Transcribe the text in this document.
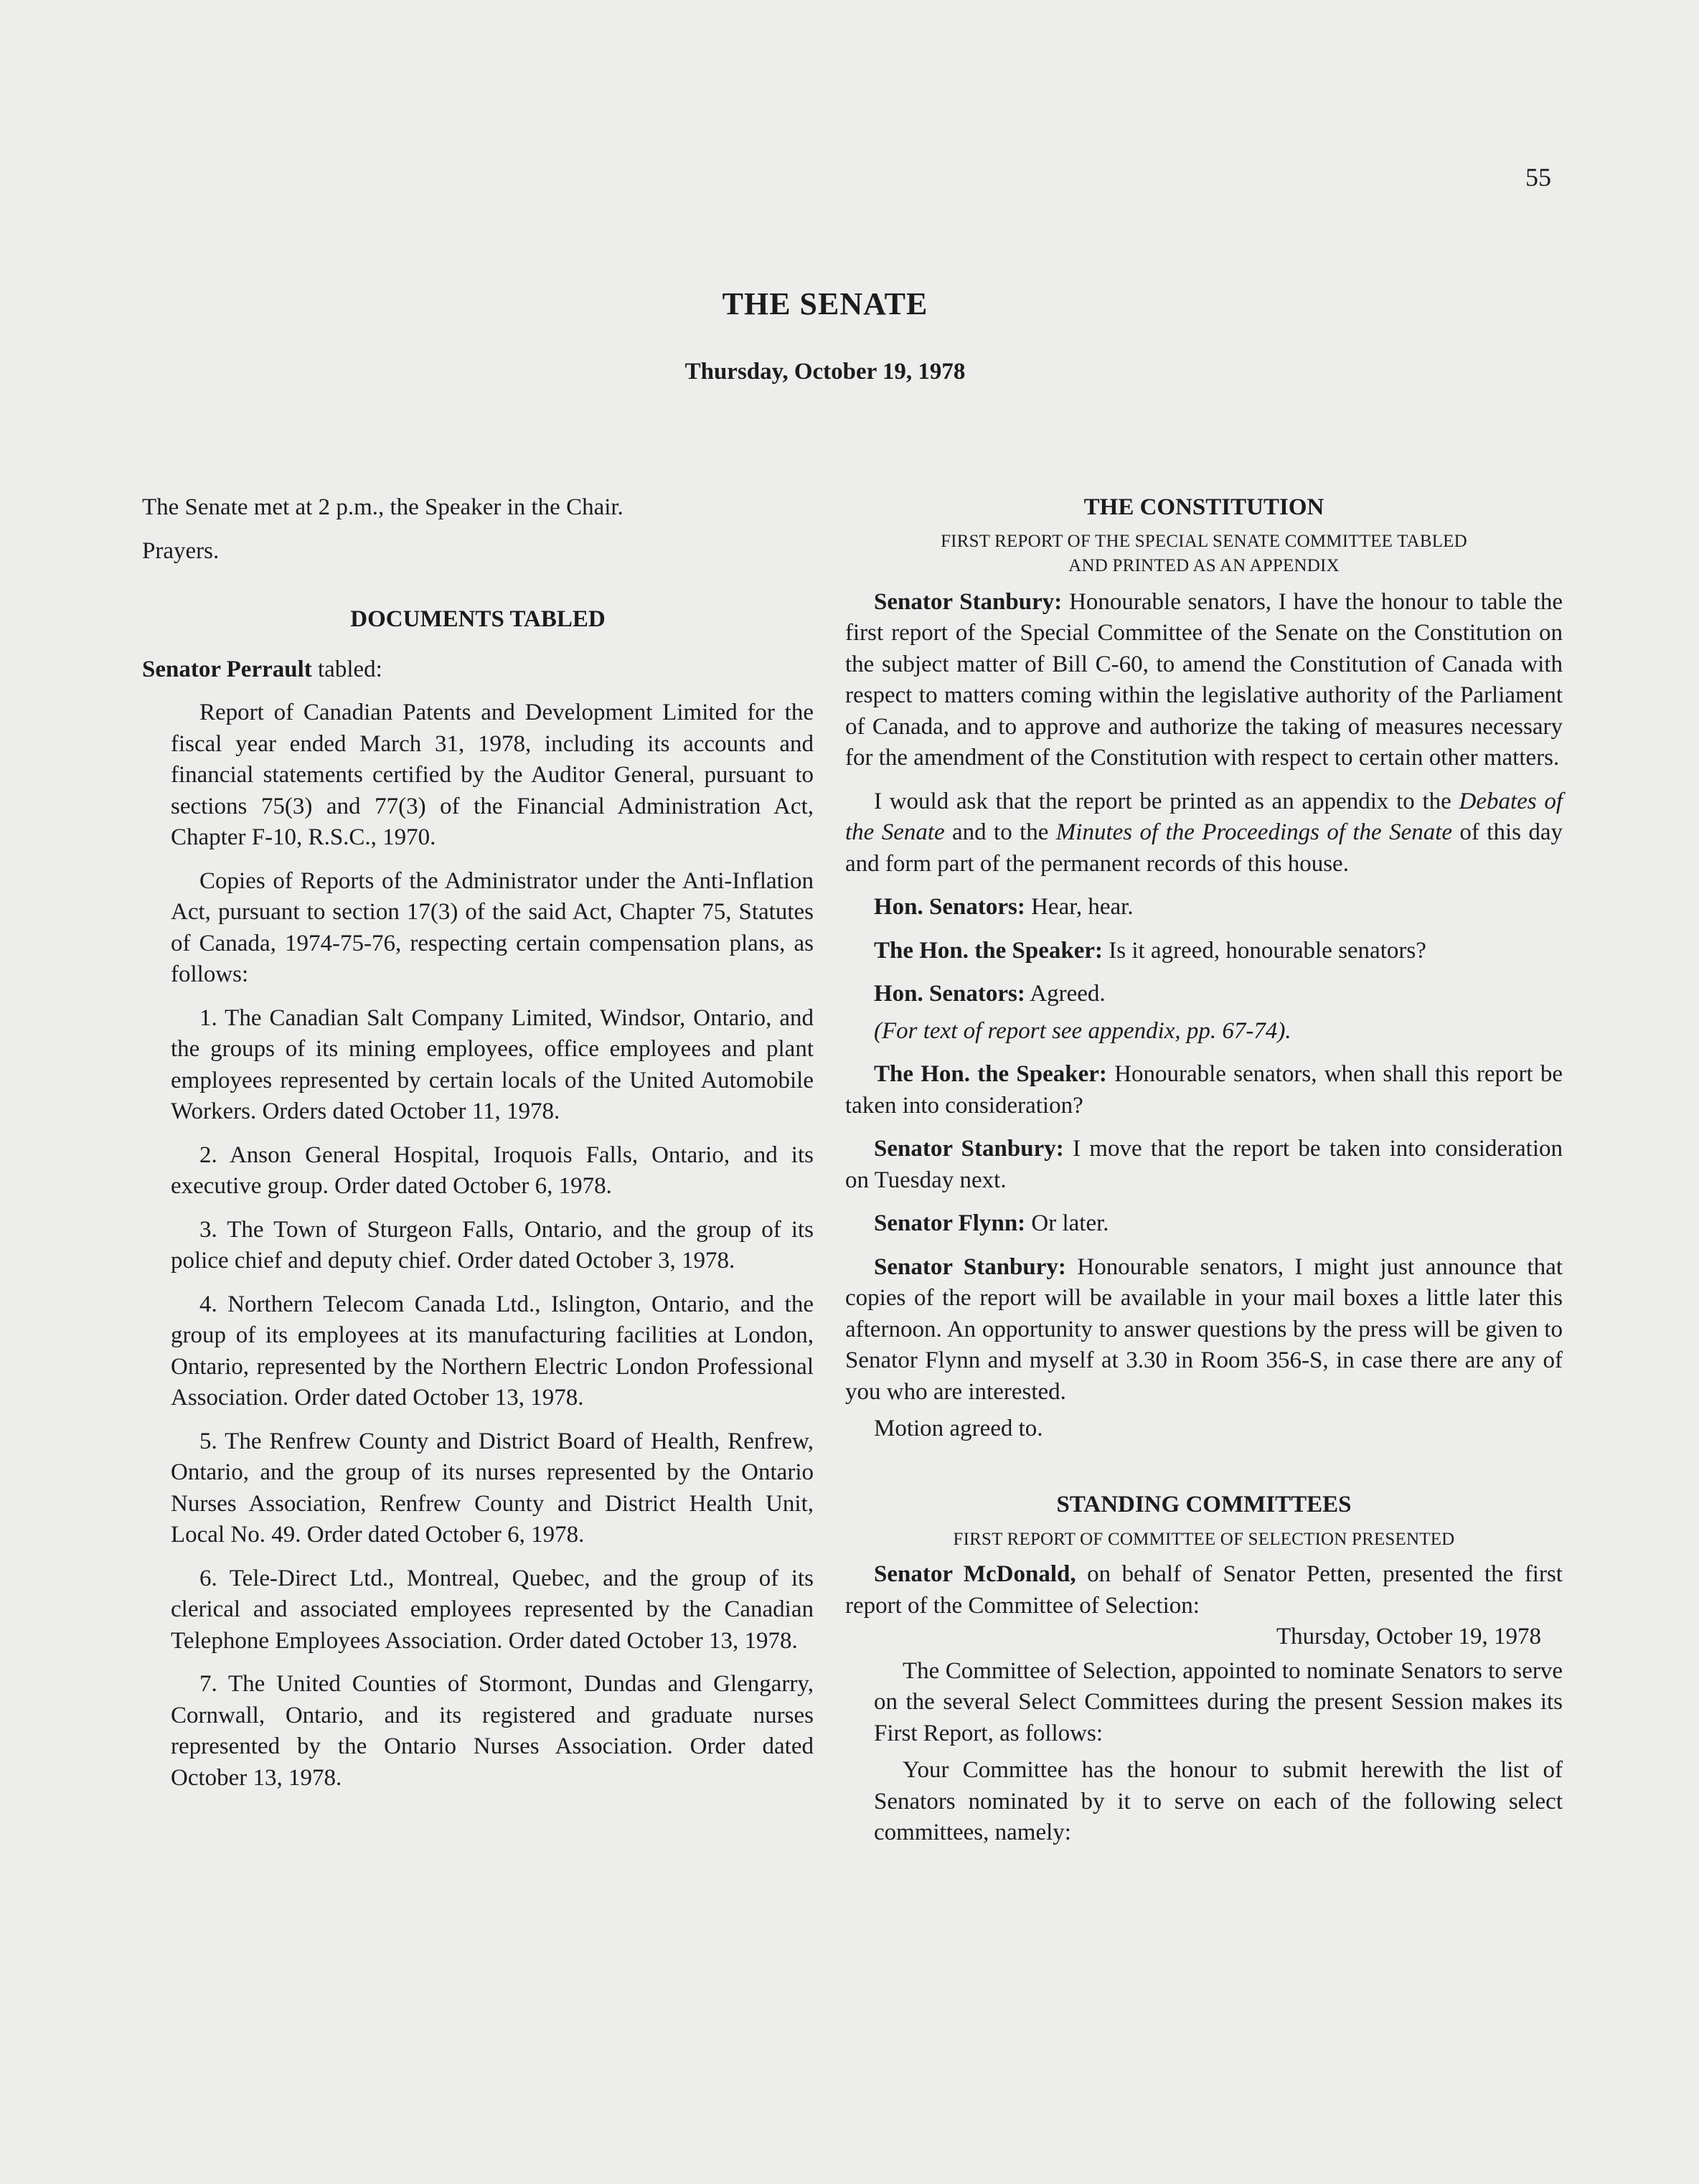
55
THE SENATE
Thursday, October 19, 1978

The Senate met at 2 p.m., the Speaker in the Chair.

Prayers.

DOCUMENTS TABLED

Senator Perrault tabled:

Report of Canadian Patents and Development Limited for the fiscal year ended March 31, 1978, including its accounts and financial statements certified by the Auditor General, pursuant to sections 75(3) and 77(3) of the Financial Administration Act, Chapter F-10, R.S.C., 1970.

Copies of Reports of the Administrator under the Anti-Inflation Act, pursuant to section 17(3) of the said Act, Chapter 75, Statutes of Canada, 1974-75-76, respecting certain compensation plans, as follows:

1. The Canadian Salt Company Limited, Windsor, Ontario, and the groups of its mining employees, office employees and plant employees represented by certain locals of the United Automobile Workers. Orders dated October 11, 1978.

2. Anson General Hospital, Iroquois Falls, Ontario, and its executive group. Order dated October 6, 1978.

3. The Town of Sturgeon Falls, Ontario, and the group of its police chief and deputy chief. Order dated October 3, 1978.

4. Northern Telecom Canada Ltd., Islington, Ontario, and the group of its employees at its manufacturing facilities at London, Ontario, represented by the Northern Electric London Professional Association. Order dated October 13, 1978.

5. The Renfrew County and District Board of Health, Renfrew, Ontario, and the group of its nurses represented by the Ontario Nurses Association, Renfrew County and District Health Unit, Local No. 49. Order dated October 6, 1978.

6. Tele-Direct Ltd., Montreal, Quebec, and the group of its clerical and associated employees represented by the Canadian Telephone Employees Association. Order dated October 13, 1978.

7. The United Counties of Stormont, Dundas and Glengarry, Cornwall, Ontario, and its registered and graduate nurses represented by the Ontario Nurses Association. Order dated October 13, 1978.

THE CONSTITUTION

FIRST REPORT OF THE SPECIAL SENATE COMMITTEE TABLED

AND PRINTED AS AN APPENDIX

Senator Stanbury: Honourable senators, I have the honour to table the first report of the Special Committee of the Senate on the Constitution on the subject matter of Bill C-60, to amend the Constitution of Canada with respect to matters coming within the legislative authority of the Parliament of Canada, and to approve and authorize the taking of measures necessary for the amendment of the Constitution with respect to certain other matters.

I would ask that the report be printed as an appendix to the Debates of the Senate and to the Minutes of the Proceedings of the Senate of this day and form part of the permanent records of this house.

Hon. Senators: Hear, hear.

The Hon. the Speaker: Is it agreed, honourable senators?

Hon. Senators: Agreed.

(For text of report see appendix, pp. 67-74).

The Hon. the Speaker: Honourable senators, when shall this report be taken into consideration?

Senator Stanbury: I move that the report be taken into consideration on Tuesday next.

Senator Flynn: Or later.

Senator Stanbury: Honourable senators, I might just announce that copies of the report will be available in your mail boxes a little later this afternoon. An opportunity to answer questions by the press will be given to Senator Flynn and myself at 3.30 in Room 356-S, in case there are any of you who are interested.

Motion agreed to.

STANDING COMMITTEES

FIRST REPORT OF COMMITTEE OF SELECTION PRESENTED

Senator McDonald, on behalf of Senator Petten, presented the first report of the Committee of Selection:

Thursday, October 19, 1978

The Committee of Selection, appointed to nominate Senators to serve on the several Select Committees during the present Session makes its First Report, as follows:

Your Committee has the honour to submit herewith the list of Senators nominated by it to serve on each of the following select committees, namely:
